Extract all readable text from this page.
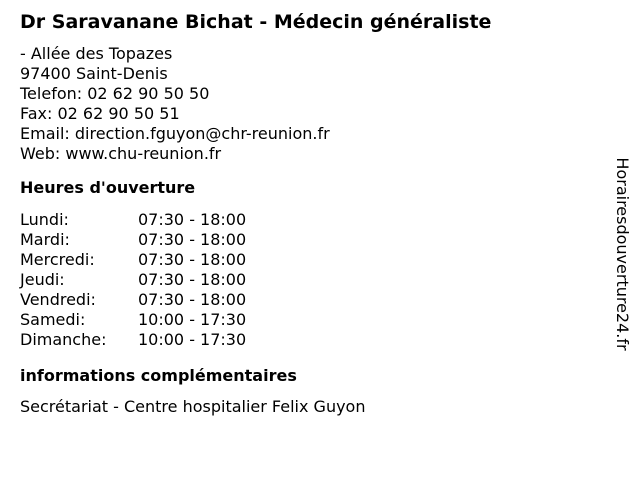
Dr Saravanane Bichat - Médecin généraliste
- Allée des Topazes
97400 Saint-Denis
Telefon: 02 62 90 50 50
Fax: 02 62 90 50 51
Email: direction.fguyon@chr-reunion.fr
Web: www.chu-reunion.fr
Heures d'ouverture
Lundi:	07:30 - 18:00
Mardi:	07:30 - 18:00
Mercredi:	07:30 - 18:00
Jeudi:	07:30 - 18:00
Vendredi:	07:30 - 18:00
Samedi:	10:00 - 17:30
Dimanche:	10:00 - 17:30
informations complémentaires
Secrétariat - Centre hospitalier Felix Guyon
Horairesdouverture24.fr
